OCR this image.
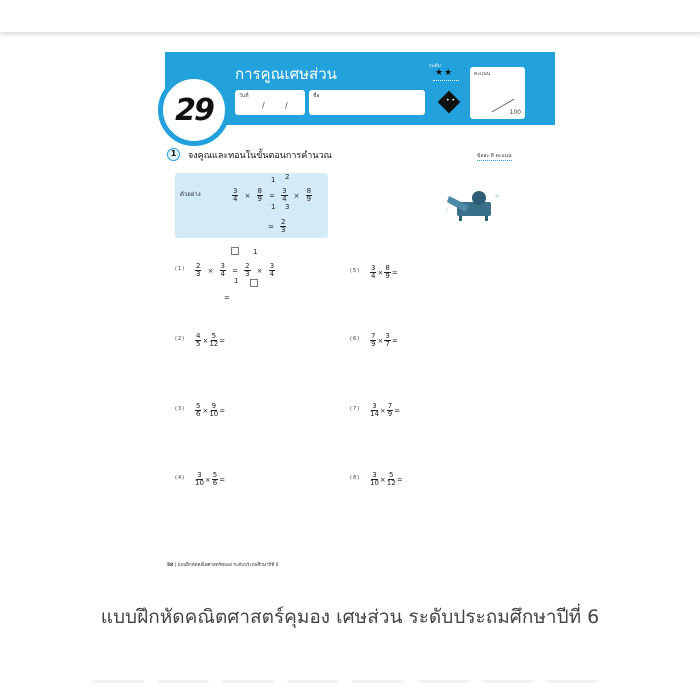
การคูณเศษส่วน
วันที่
/	/
ชื่อ
ระดับ
★★
• •
คะแนน
100
29
1	จงคูณและทอนในขั้นตอนการคำนวณ	ข้อละ 8 คะแนน
ตัวอย่าง	$\frac{3}{4} \times \frac{8}{9} = \frac{3}{4} \times \frac{8}{9}$
1 2
1 3
= $\frac{2}{3}$
♪
✲
$(1) \frac{2}{3} \times \frac{3}{4} = \frac{2}{3} \times \frac{3}{4}$
1
1
=
$(2) \frac{4}{5} \times \frac{5}{12}$ =
$(3) \frac{5}{6} \times \frac{9}{10}$ =
$(4) \frac{3}{10} \times \frac{5}{6}$ =
$(5) \frac{3}{4} \times \frac{8}{9}$ =
$(6) \frac{7}{9} \times \frac{3}{7}$ =
$(7) \frac{3}{14} \times \frac{7}{9}$ =
$(8) \frac{3}{10} \times \frac{5}{12}$ =
58 | แบบฝึกหัดคณิตศาสตร์คุมอง ระดับประถมศึกษาปีที่ 6
แบบฝึกหัดคณิตศาสตร์คุมอง เศษส่วน ระดับประถมศึกษาปีที่ 6
